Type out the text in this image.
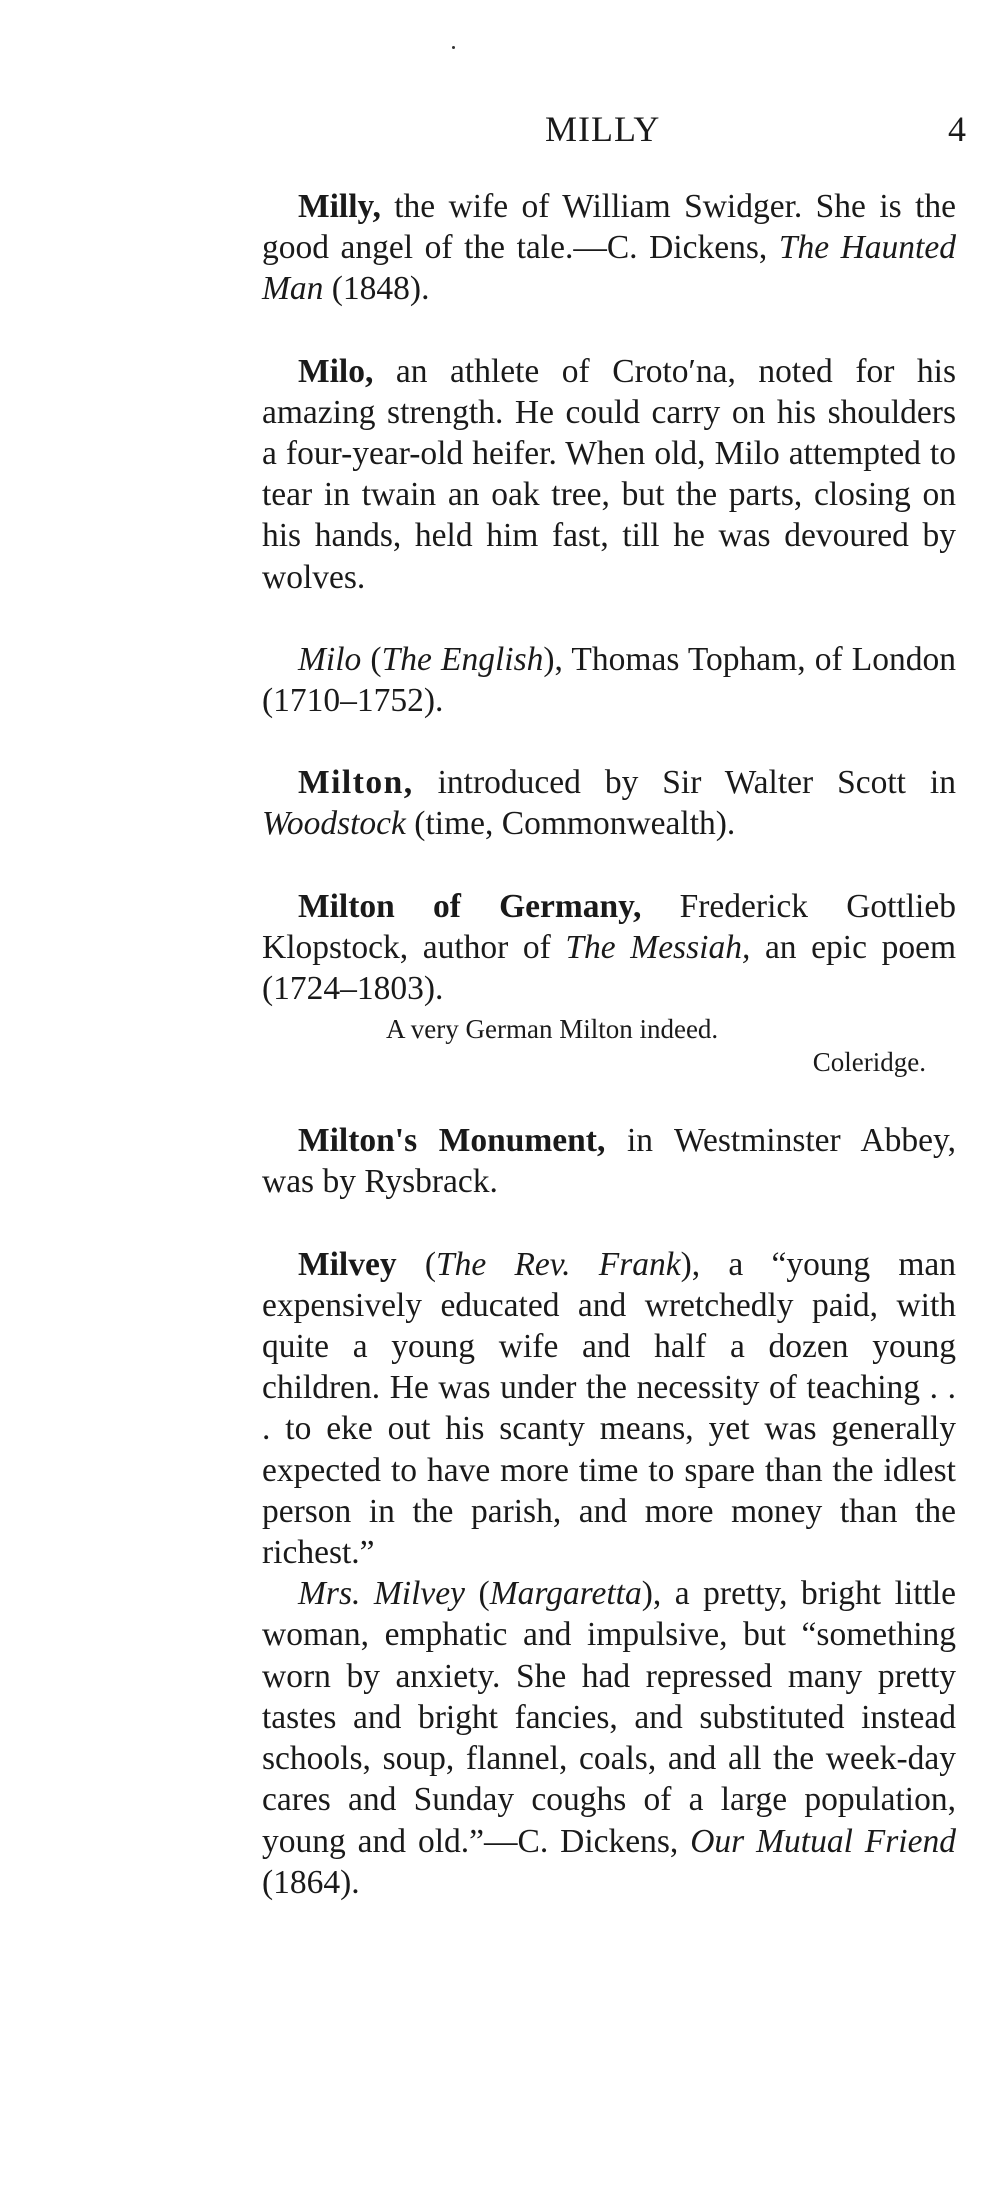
MILLY	4

Milly, the wife of William Swidger. She is the good angel of the tale.—C. Dickens, The Haunted Man (1848).

Milo, an athlete of Croto′na, noted for his amazing strength. He could carry on his shoulders a four-year-old heifer. When old, Milo attempted to tear in twain an oak tree, but the parts, closing on his hands, held him fast, till he was devoured by wolves.

Milo (The English), Thomas Topham, of London (1710–1752).

Milton, introduced by Sir Walter Scott in Woodstock (time, Commonwealth).

Milton of Germany, Frederick Gottlieb Klopstock, author of The Messiah, an epic poem (1724–1803).

A very German Milton indeed.
Coleridge.

Milton's Monument, in Westminster Abbey, was by Rysbrack.

Milvey (The Rev. Frank), a “young man expensively educated and wretchedly paid, with quite a young wife and half a dozen young children. He was under the necessity of teaching . . . to eke out his scanty means, yet was generally expected to have more time to spare than the idlest person in the parish, and more money than the richest.”

Mrs. Milvey (Margaretta), a pretty, bright little woman, emphatic and impulsive, but “something worn by anxiety. She had repressed many pretty tastes and bright fancies, and substituted instead schools, soup, flannel, coals, and all the week-day cares and Sunday coughs of a large population, young and old.”—C. Dickens, Our Mutual Friend (1864).
